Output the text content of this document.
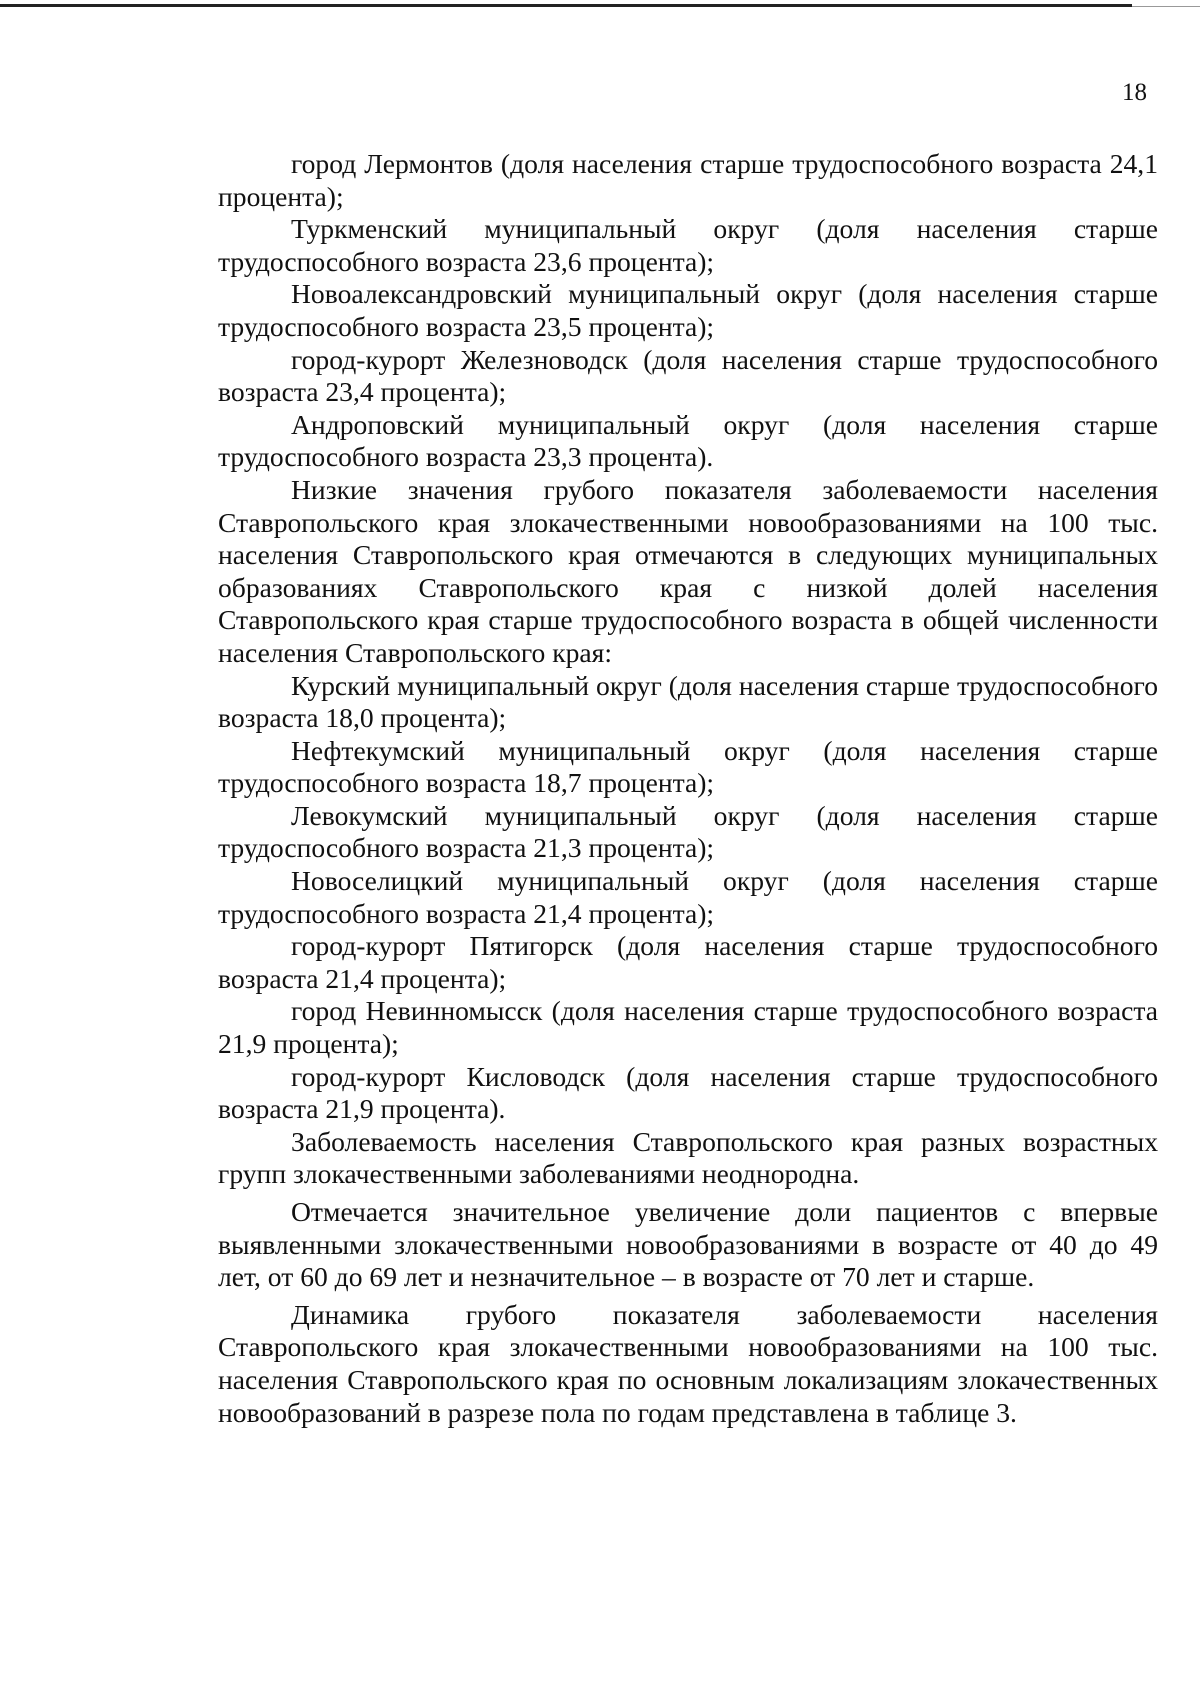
18

город Лермонтов (доля населения старше трудоспособного возраста 24,1 процента);

Туркменский муниципальный округ (доля населения старше трудоспособного возраста 23,6 процента);

Новоалександровский муниципальный округ (доля населения старше трудоспособного возраста 23,5 процента);

город-курорт Железноводск (доля населения старше трудоспособного возраста 23,4 процента);

Андроповский муниципальный округ (доля населения старше трудоспособного возраста 23,3 процента).

Низкие значения грубого показателя заболеваемости населения Ставропольского края злокачественными новообразованиями на 100 тыс. населения Ставропольского края отмечаются в следующих муниципальных образованиях Ставропольского края с низкой долей населения Ставропольского края старше трудоспособного возраста в общей численности населения Ставропольского края:

Курский муниципальный округ (доля населения старше трудоспособного возраста 18,0 процента);

Нефтекумский муниципальный округ (доля населения старше трудоспособного возраста 18,7 процента);

Левокумский муниципальный округ (доля населения старше трудоспособного возраста 21,3 процента);

Новоселицкий муниципальный округ (доля населения старше трудоспособного возраста 21,4 процента);

город-курорт Пятигорск (доля населения старше трудоспособного возраста 21,4 процента);

город Невинномысск (доля населения старше трудоспособного возраста 21,9 процента);

город-курорт Кисловодск (доля населения старше трудоспособного возраста 21,9 процента).

Заболеваемость населения Ставропольского края разных возрастных групп злокачественными заболеваниями неоднородна.

Отмечается значительное увеличение доли пациентов с впервые выявленными злокачественными новообразованиями в возрасте от 40 до 49 лет, от 60 до 69 лет и незначительное – в возрасте от 70 лет и старше.

Динамика грубого показателя заболеваемости населения Ставропольского края злокачественными новообразованиями на 100 тыс. населения Ставропольского края по основным локализациям злокачественных новообразований в разрезе пола по годам представлена в таблице 3.
